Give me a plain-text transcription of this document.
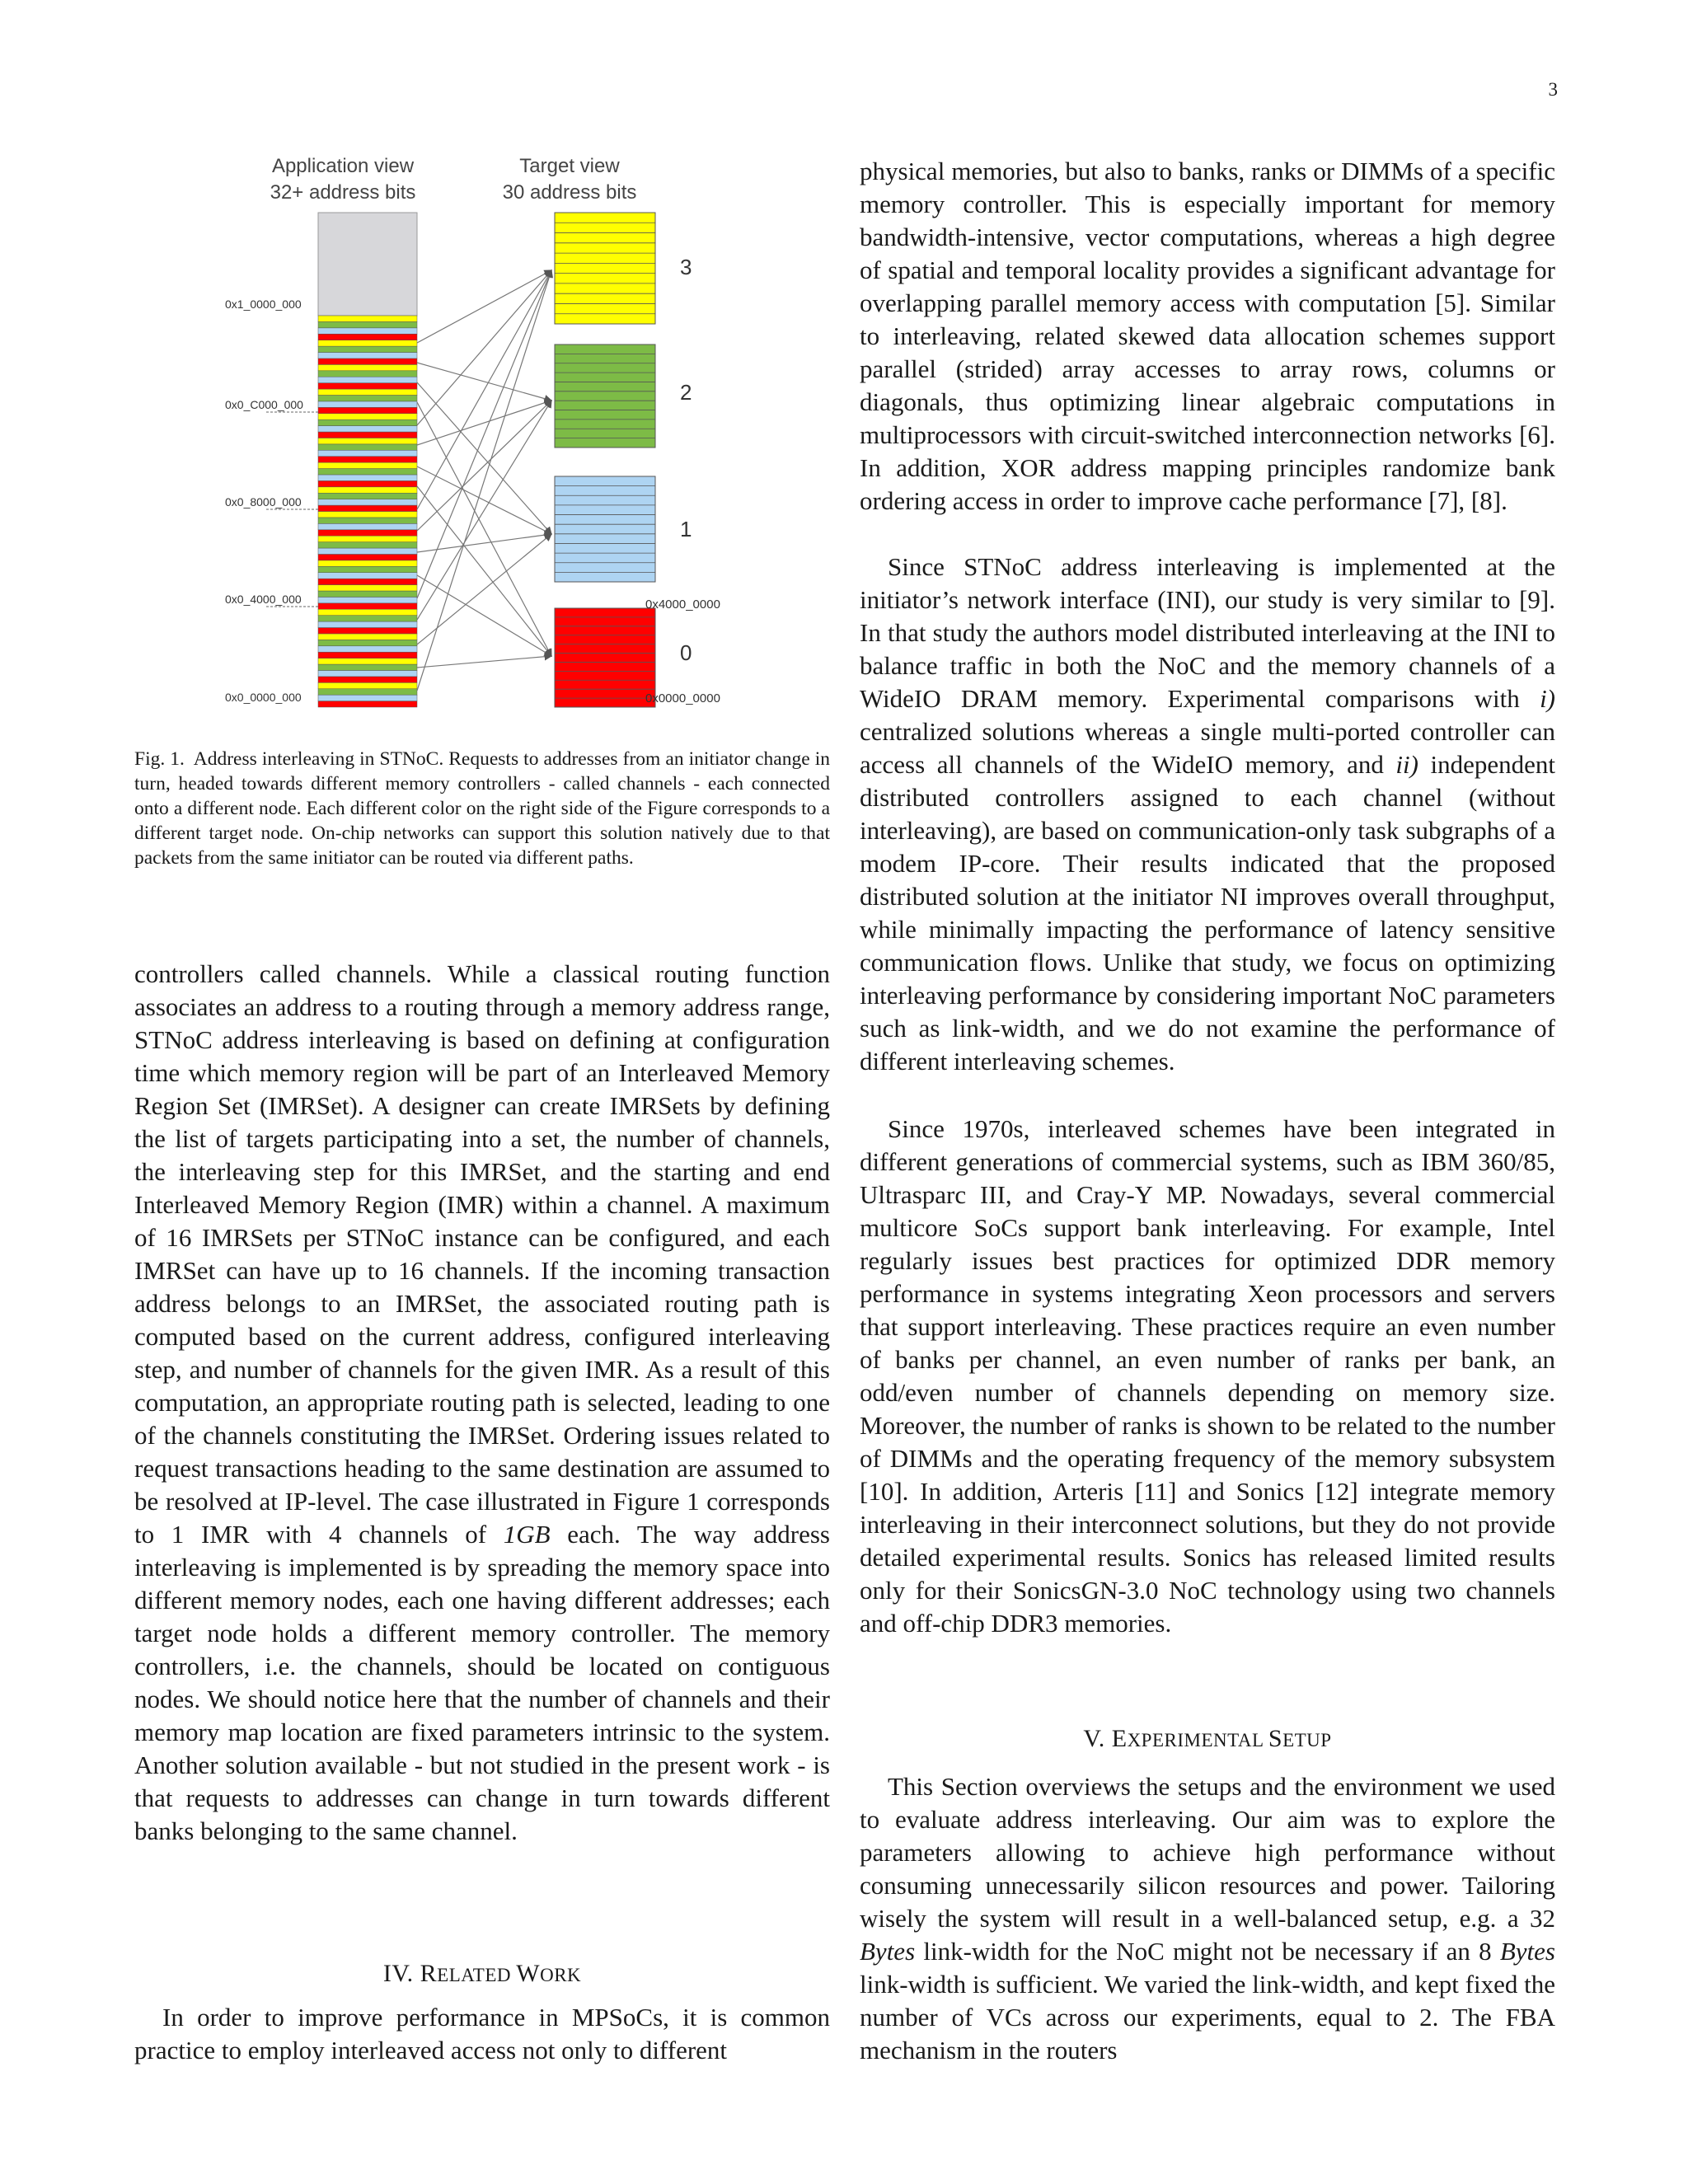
3
Application view
32+ address bits
Target view
30 address bits
0x1_0000_000
0x0_C000_000
0x0_8000_000
0x0_4000_000
0x0_0000_000
3
2
1
0
0x4000_0000
0x0000_0000

Fig. 1. Address interleaving in STNoC. Requests to addresses from an initiator change in turn, headed towards different memory controllers - called channels - each connected onto a different node. Each different color on the right side of the Figure corresponds to a different target node. On-chip networks can support this solution natively due to that packets from the same initiator can be routed via different paths.

controllers called channels. While a classical routing function associates an address to a routing through a memory address range, STNoC address interleaving is based on defining at configuration time which memory region will be part of an Interleaved Memory Region Set (IMRSet). A designer can create IMRSets by defining the list of targets participating into a set, the number of channels, the interleaving step for this IMRSet, and the starting and end Interleaved Memory Region (IMR) within a channel. A maximum of 16 IMRSets per STNoC instance can be configured, and each IMRSet can have up to 16 channels. If the incoming transaction address belongs to an IMRSet, the associated routing path is computed based on the current address, configured interleaving step, and number of channels for the given IMR. As a result of this computation, an appropriate routing path is selected, leading to one of the channels constituting the IMRSet. Ordering issues related to request transactions heading to the same destination are assumed to be resolved at IP-level. The case illustrated in Figure 1 corresponds to 1 IMR with 4 channels of 1GB each. The way address interleaving is implemented is by spreading the memory space into different memory nodes, each one having different addresses; each target node holds a different memory controller. The memory controllers, i.e. the channels, should be located on contiguous nodes. We should notice here that the number of channels and their memory map location are fixed parameters intrinsic to the system. Another solution available - but not studied in the present work - is that requests to addresses can change in turn towards different banks belonging to the same channel.

IV. RELATED WORK

In order to improve performance in MPSoCs, it is common practice to employ interleaved access not only to different

physical memories, but also to banks, ranks or DIMMs of a specific memory controller. This is especially important for memory bandwidth-intensive, vector computations, whereas a high degree of spatial and temporal locality provides a significant advantage for overlapping parallel memory access with computation [5]. Similar to interleaving, related skewed data allocation schemes support parallel (strided) array accesses to array rows, columns or diagonals, thus optimizing linear algebraic computations in multiprocessors with circuit-switched interconnection networks [6]. In addition, XOR address mapping principles randomize bank ordering access in order to improve cache performance [7], [8].

Since STNoC address interleaving is implemented at the initiator’s network interface (INI), our study is very similar to [9]. In that study the authors model distributed interleaving at the INI to balance traffic in both the NoC and the memory channels of a WideIO DRAM memory. Experimental comparisons with i) centralized solutions whereas a single multi-ported controller can access all channels of the WideIO memory, and ii) independent distributed controllers assigned to each channel (without interleaving), are based on communication-only task subgraphs of a modem IP-core. Their results indicated that the proposed distributed solution at the initiator NI improves overall throughput, while minimally impacting the performance of latency sensitive communication flows. Unlike that study, we focus on optimizing interleaving performance by considering important NoC parameters such as link-width, and we do not examine the performance of different interleaving schemes.

Since 1970s, interleaved schemes have been integrated in different generations of commercial systems, such as IBM 360/85, Ultrasparc III, and Cray-Y MP. Nowadays, several commercial multicore SoCs support bank interleaving. For example, Intel regularly issues best practices for optimized DDR memory performance in systems integrating Xeon processors and servers that support interleaving. These practices require an even number of banks per channel, an even number of ranks per bank, an odd/even number of channels depending on memory size. Moreover, the number of ranks is shown to be related to the number of DIMMs and the operating frequency of the memory subsystem [10]. In addition, Arteris [11] and Sonics [12] integrate memory interleaving in their interconnect solutions, but they do not provide detailed experimental results. Sonics has released limited results only for their SonicsGN-3.0 NoC technology using two channels and off-chip DDR3 memories.

V. EXPERIMENTAL SETUP

This Section overviews the setups and the environment we used to evaluate address interleaving. Our aim was to explore the parameters allowing to achieve high performance without consuming unnecessarily silicon resources and power. Tailoring wisely the system will result in a well-balanced setup, e.g. a 32 Bytes link-width for the NoC might not be necessary if an 8 Bytes link-width is sufficient. We varied the link-width, and kept fixed the number of VCs across our experiments, equal to 2. The FBA mechanism in the routers
